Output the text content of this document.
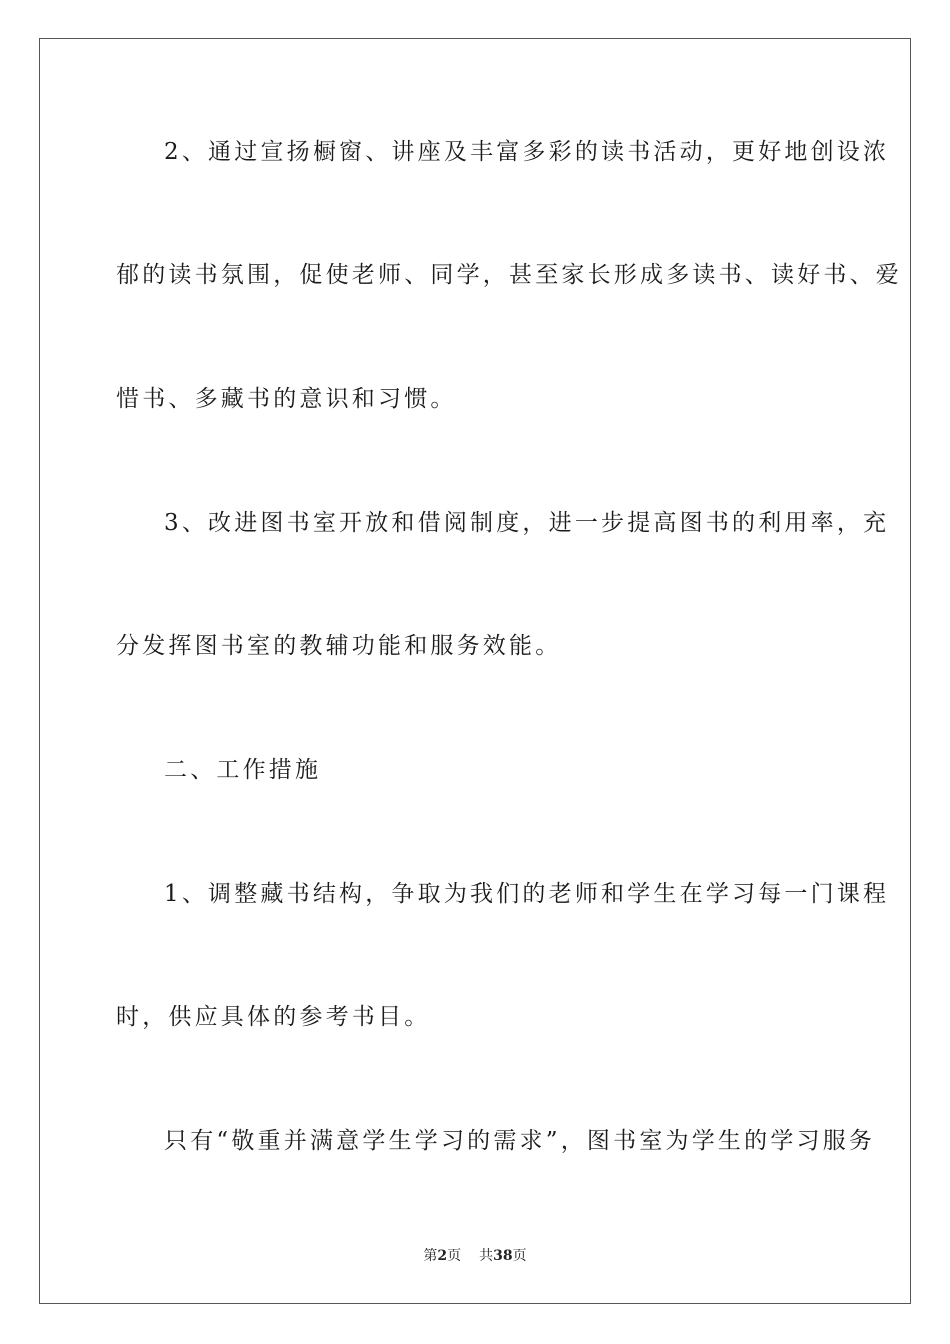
2、通过宣扬橱窗、讲座及丰富多彩的读书活动，更好地创设浓
郁的读书氛围，促使老师、同学，甚至家长形成多读书、读好书、爱
惜书、多藏书的意识和习惯。
3、改进图书室开放和借阅制度，进一步提高图书的利用率，充
分发挥图书室的教辅功能和服务效能。
二、工作措施
1、调整藏书结构，争取为我们的老师和学生在学习每一门课程
时，供应具体的参考书目。
只有“敬重并满意学生学习的需求”，图书室为学生的学习服务
第2页 共38页
